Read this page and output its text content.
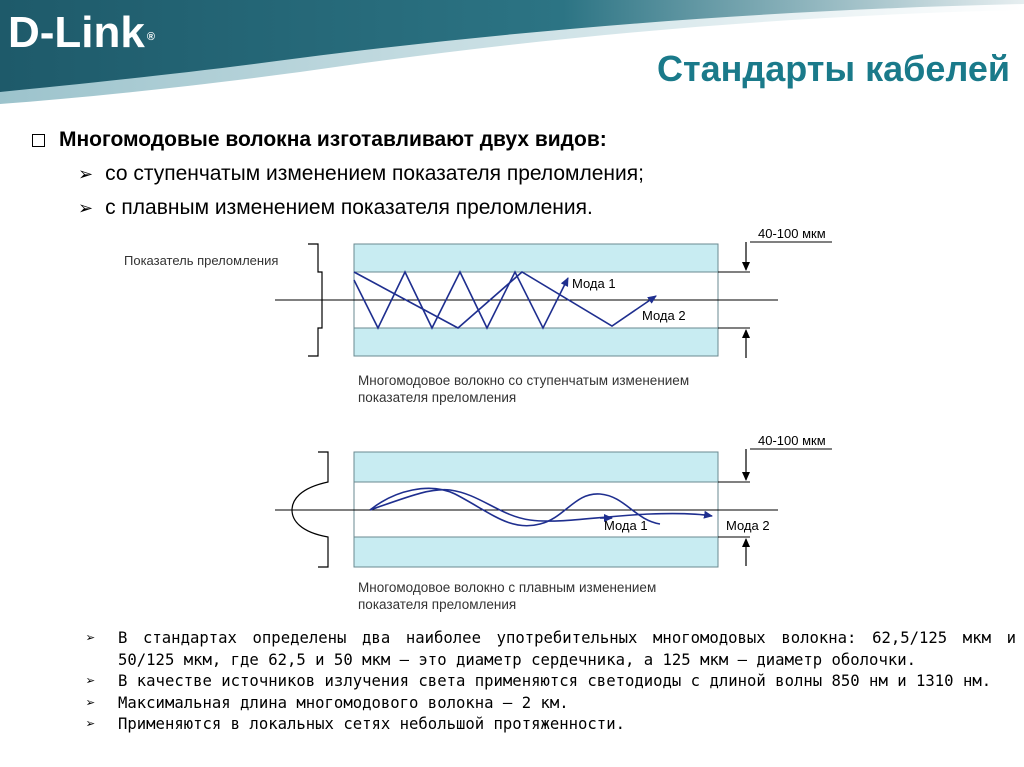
D-Link ®
Стандарты кабелей
Многомодовые волокна изготавливают двух видов:
➢ со ступенчатым изменением показателя преломления;
➢ с плавным изменением показателя преломления.
Показатель преломления
Мода 1
Мода 2
40-100 мкм
Многомодовое волокно со ступенчатым изменением
показателя преломления
Мода 1	Мода 2
40-100 мкм
Многомодовое волокно с плавным изменением
показателя преломления
➢	В стандартах определены два наиболее употребительных многомодовых волокна: 62,5/125 мкм и 50/125 мкм, где 62,5 и 50 мкм – это диаметр сердечника, а 125 мкм – диаметр оболочки.
➢	В качестве источников излучения света применяются светодиоды с длиной волны 850 нм и 1310 нм.
➢	Максимальная длина многомодового волокна – 2 км.
➢	Применяются в локальных сетях небольшой протяженности.
